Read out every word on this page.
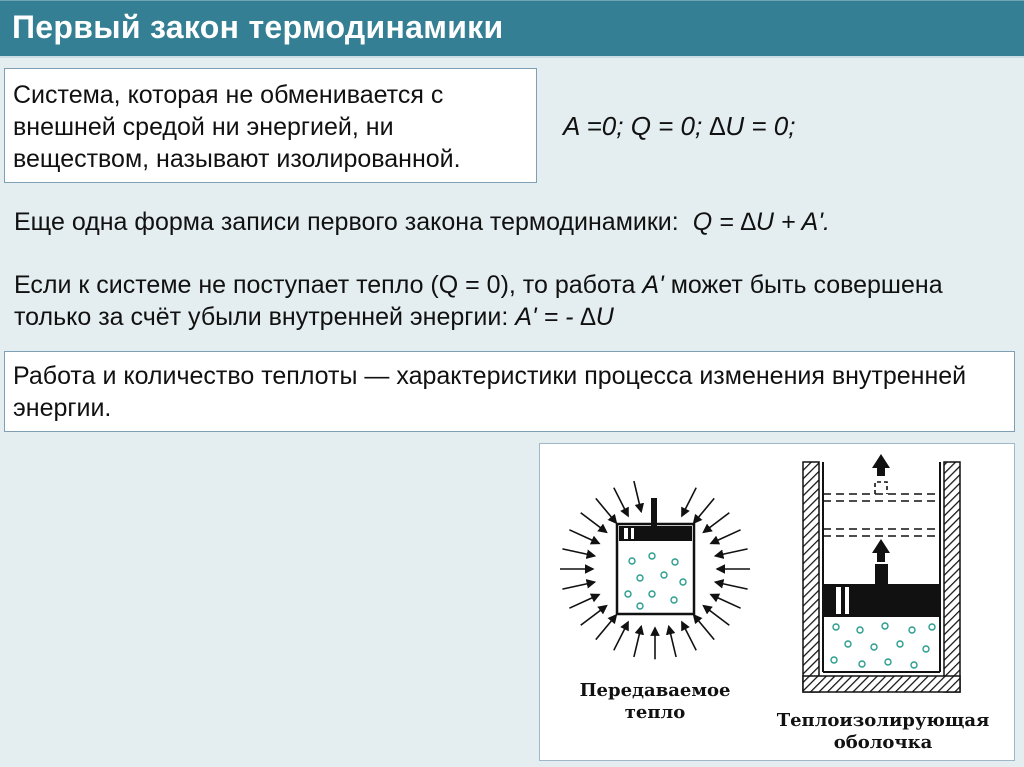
Первый закон термодинамики
Система, которая не обменивается с внешней средой ни энергией, ни веществом, называют изолированной.
A =0; Q = 0; ∆U = 0;
Еще одна форма записи первого закона термодинамики: Q = ∆U + A'.
Если к системе не поступает тепло (Q = 0), то работа A' может быть совершена только за счёт убыли внутренней энергии: A' = - ∆U
Работа и количество теплоты — характеристики процесса изменения внутренней энергии.
Передаваемое тепло	Теплоизолирующая оболочка
